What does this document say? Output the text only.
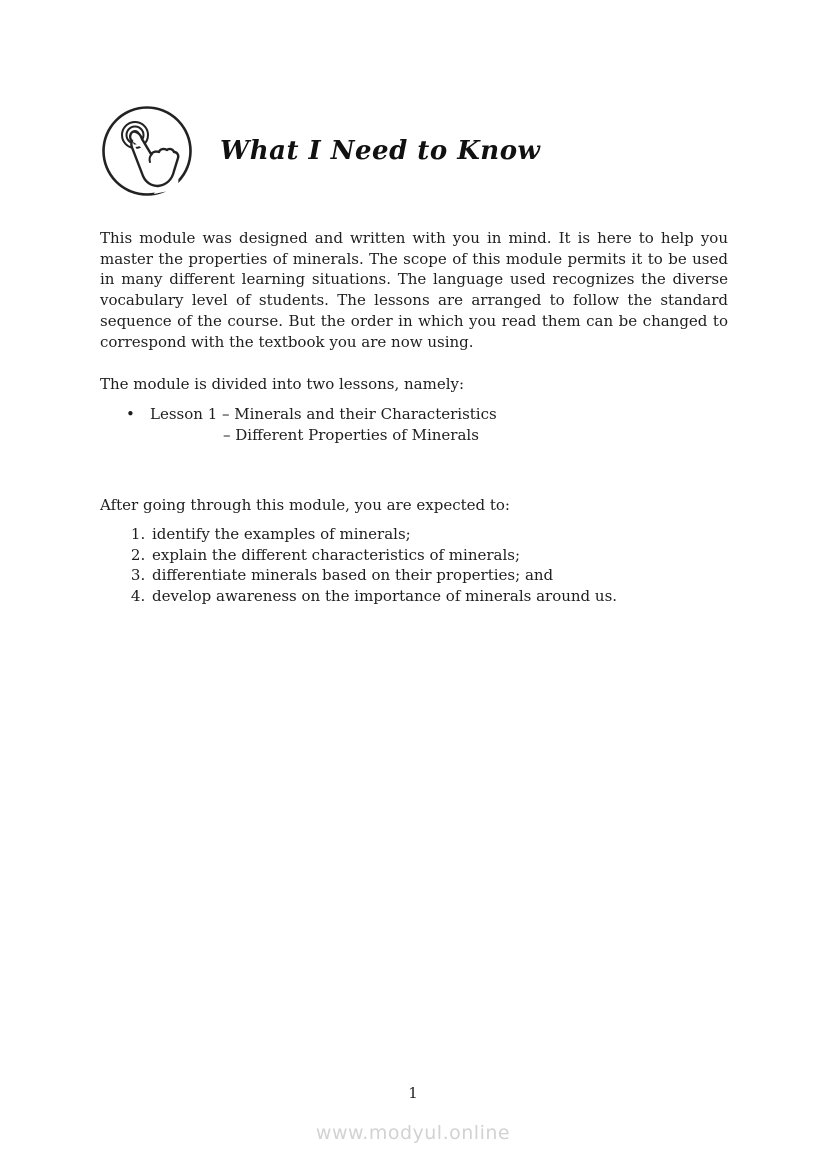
What I Need to Know

This module was designed and written with you in mind. It is here to help you master the properties of minerals. The scope of this module permits it to be used in many different learning situations. The language used recognizes the diverse vocabulary level of students. The lessons are arranged to follow the standard sequence of the course. But the order in which you read them can be changed to correspond with the textbook you are now using.

The module is divided into two lessons, namely:

• Lesson 1 – Minerals and their Characteristics
– Different Properties of Minerals

After going through this module, you are expected to:

1. identify the examples of minerals;
2. explain the different characteristics of minerals;
3. differentiate minerals based on their properties; and
4. develop awareness on the importance of minerals around us.
1
www.modyul.online
